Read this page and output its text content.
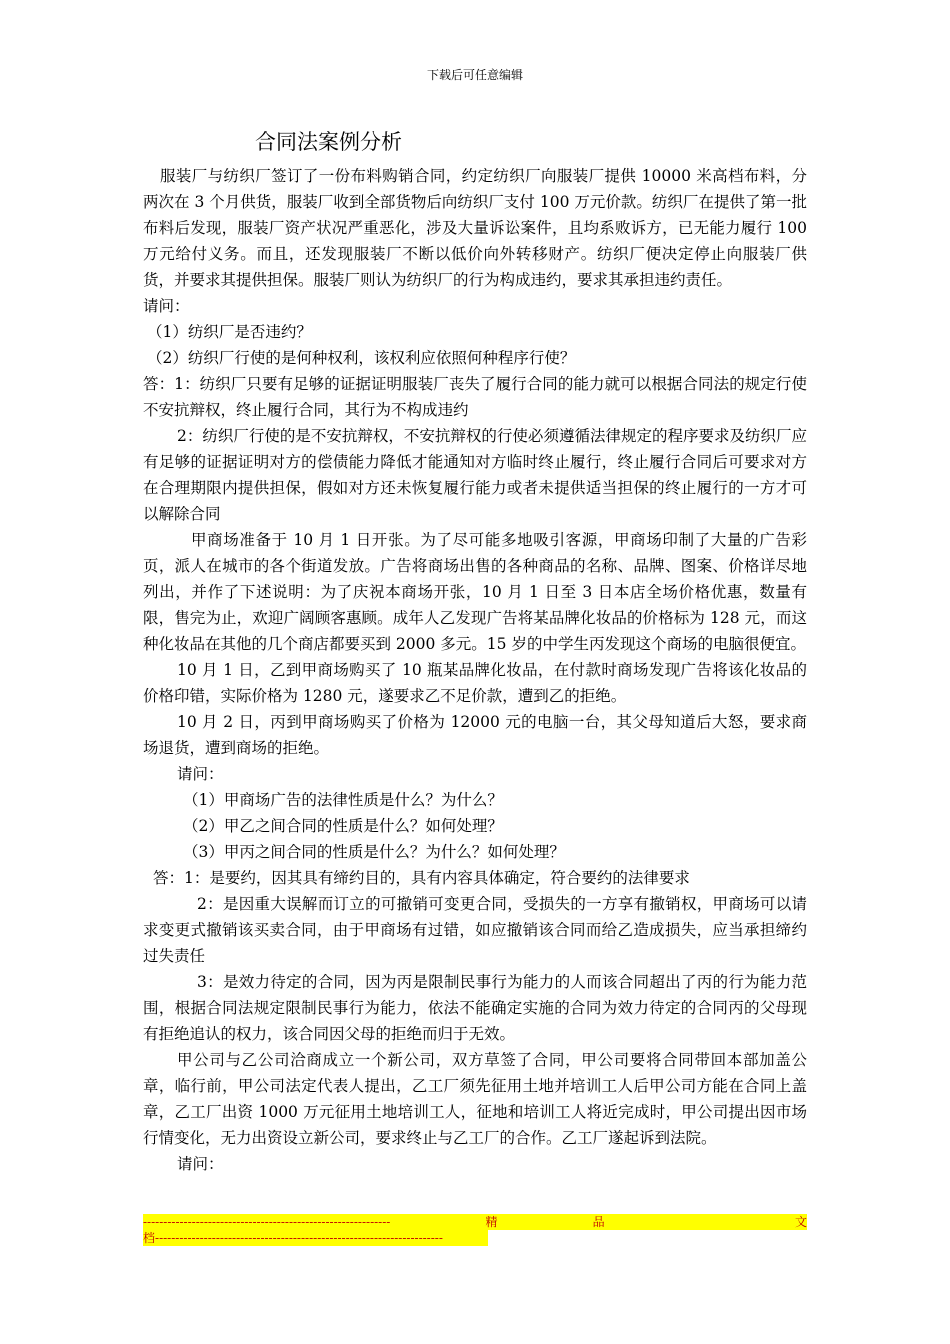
下载后可任意编辑
合同法案例分析

服装厂与纺织厂签订了一份布料购销合同，约定纺织厂向服装厂提供 10000 米高档布料，分两次在 3 个月供货，服装厂收到全部货物后向纺织厂支付 100 万元价款。纺织厂在提供了第一批布料后发现，服装厂资产状况严重恶化，涉及大量诉讼案件，且均系败诉方，已无能力履行 100 万元给付义务。而且，还发现服装厂不断以低价向外转移财产。纺织厂便决定停止向服装厂供货，并要求其提供担保。服装厂则认为纺织厂的行为构成违约，要求其承担违约责任。

请问：

（1）纺织厂是否违约？

（2）纺织厂行使的是何种权利，该权利应依照何种程序行使？

答：1：纺织厂只要有足够的证据证明服装厂丧失了履行合同的能力就可以根据合同法的规定行使不安抗辩权，终止履行合同，其行为不构成违约

2：纺织厂行使的是不安抗辩权，不安抗辩权的行使必须遵循法律规定的程序要求及纺织厂应有足够的证据证明对方的偿债能力降低才能通知对方临时终止履行，终止履行合同后可要求对方在合理期限内提供担保，假如对方还未恢复履行能力或者未提供适当担保的终止履行的一方才可以解除合同

甲商场准备于 10 月 1 日开张。为了尽可能多地吸引客源，甲商场印制了大量的广告彩页，派人在城市的各个街道发放。广告将商场出售的各种商品的名称、品牌、图案、价格详尽地列出，并作了下述说明：为了庆祝本商场开张，10 月 1 日至 3 日本店全场价格优惠，数量有限，售完为止，欢迎广阔顾客惠顾。成年人乙发现广告将某品牌化妆品的价格标为 128 元，而这种化妆品在其他的几个商店都要买到 2000 多元。15 岁的中学生丙发现这个商场的电脑很便宜。

10 月 1 日，乙到甲商场购买了 10 瓶某品牌化妆品，在付款时商场发现广告将该化妆品的价格印错，实际价格为 1280 元，遂要求乙不足价款，遭到乙的拒绝。

10 月 2 日，丙到甲商场购买了价格为 12000 元的电脑一台，其父母知道后大怒，要求商场退货，遭到商场的拒绝。

请问：

（1）甲商场广告的法律性质是什么？为什么？

（2）甲乙之间合同的性质是什么？如何处理？

（3）甲丙之间合同的性质是什么？为什么？如何处理？

答：1：是要约，因其具有缔约目的，具有内容具体确定，符合要约的法律要求

2：是因重大误解而订立的可撤销可变更合同，受损失的一方享有撤销权，甲商场可以请求变更式撤销该买卖合同，由于甲商场有过错，如应撤销该合同而给乙造成损失，应当承担缔约过失责任

3：是效力待定的合同，因为丙是限制民事行为能力的人而该合同超出了丙的行为能力范围，根据合同法规定限制民事行为能力，依法不能确定实施的合同为效力待定的合同丙的父母现有拒绝追认的权力，该合同因父母的拒绝而归于无效。

甲公司与乙公司洽商成立一个新公司，双方草签了合同，甲公司要将合同带回本部加盖公章，临行前，甲公司法定代表人提出，乙工厂须先征用土地并培训工人后甲公司方能在合同上盖章，乙工厂出资 1000 万元征用土地培训工人，征地和培训工人将近完成时，甲公司提出因市场行情变化，无力出资设立新公司，要求终止与乙工厂的合作。乙工厂遂起诉到法院。

请问：

-------------------------------------------------------------	精	品	文
档-----------------------------------------------------------------------
